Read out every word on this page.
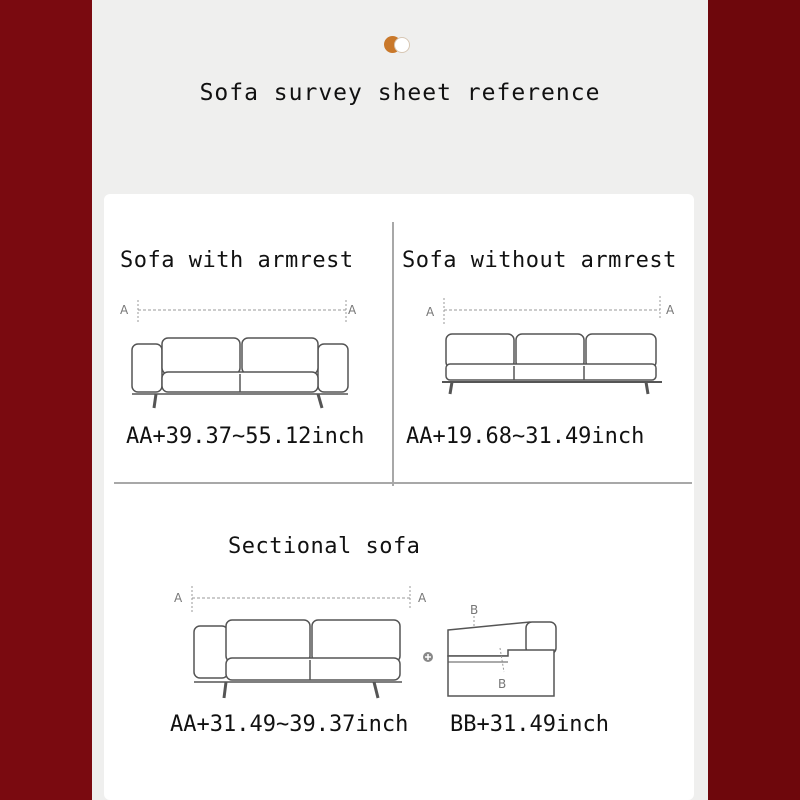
Sofa survey sheet reference
Sofa with armrest
A	A
AA+39.37~55.12inch
Sofa without armrest
A	A
AA+19.68~31.49inch
Sectional sofa
A	A
B
B
AA+31.49~39.37inch BB+31.49inch
